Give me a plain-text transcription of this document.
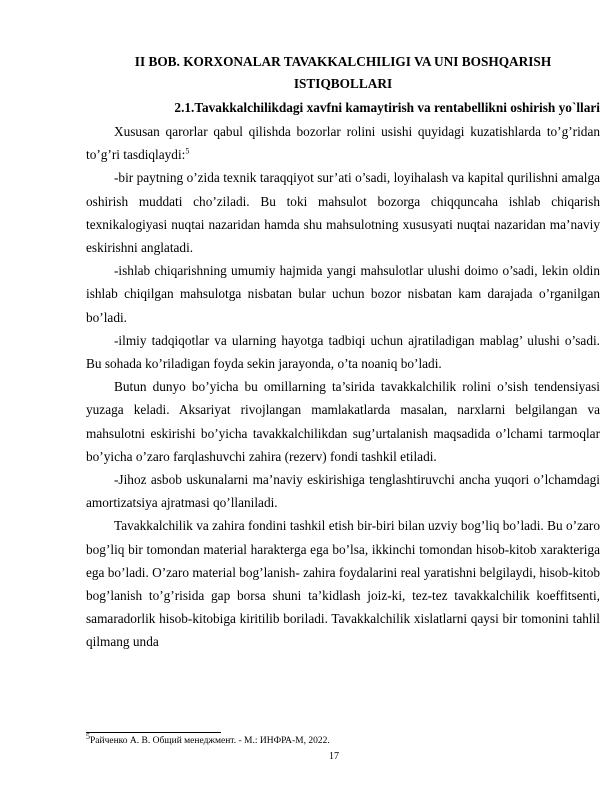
II BOB. KORXONALAR TAVAKKALCHILIGI VA UNI BOSHQARISH ISTIQBOLLARI
2.1.Tavakkalchilikdagi xavfni kamaytirish va rentabellikni oshirish yo`llari

Xususan qarorlar qabul qilishda bozorlar rolini usishi quyidagi kuzatishlarda to’g’ridan to’g’ri tasdiqlaydi:$^5$

-bir paytning o’zida texnik taraqqiyot sur’ati o’sadi, loyihalash va kapital qurilishni amalga oshirish muddati cho’ziladi. Bu toki mahsulot bozorga chiqquncaha ishlab chiqarish texnikalogiyasi nuqtai nazaridan hamda shu mahsulotning xususyati nuqtai nazaridan ma’naviy eskirishni anglatadi.

-ishlab chiqarishning umumiy hajmida yangi mahsulotlar ulushi doimo o’sadi, lekin oldin ishlab chiqilgan mahsulotga nisbatan bular uchun bozor nisbatan kam darajada o’rganilgan bo’ladi.

-ilmiy tadqiqotlar va ularning hayotga tadbiqi uchun ajratiladigan mablag’ ulushi o’sadi. Bu sohada ko’riladigan foyda sekin jarayonda, o’ta noaniq bo’ladi.

Butun dunyo bo’yicha bu omillarning ta’sirida tavakkalchilik rolini o’sish tendensiyasi yuzaga keladi. Aksariyat rivojlangan mamlakatlarda masalan, narxlarni belgilangan va mahsulotni eskirishi bo’yicha tavakkalchilikdan sug’urtalanish maqsadida o’lchami tarmoqlar bo’yicha o’zaro farqlashuvchi zahira (rezerv) fondi tashkil etiladi.

-Jihoz asbob uskunalarni ma’naviy eskirishiga tenglashtiruvchi ancha yuqori o’lchamdagi amortizatsiya ajratmasi qo’llaniladi.

Tavakkalchilik va zahira fondini tashkil etish bir-biri bilan uzviy bog’liq bo’ladi. Bu o’zaro bog’liq bir tomondan material harakterga ega bo’lsa, ikkinchi tomondan hisob-kitob xarakteriga ega bo’ladi. O’zaro material bog’lanish- zahira foydalarini real yaratishni belgilaydi, hisob-kitob bog’lanish to’g’risida gap borsa shuni ta’kidlash joiz-ki, tez-tez tavakkalchilik koeffitsenti, samaradorlik hisob-kitobiga kiritilib boriladi. Tavakkalchilik xislatlarni qaysi bir tomonini tahlil qilmang unda

$^5$Райченко А. В. Общий менеджмент. - М.: ИНФРА-М, 2022.
17
